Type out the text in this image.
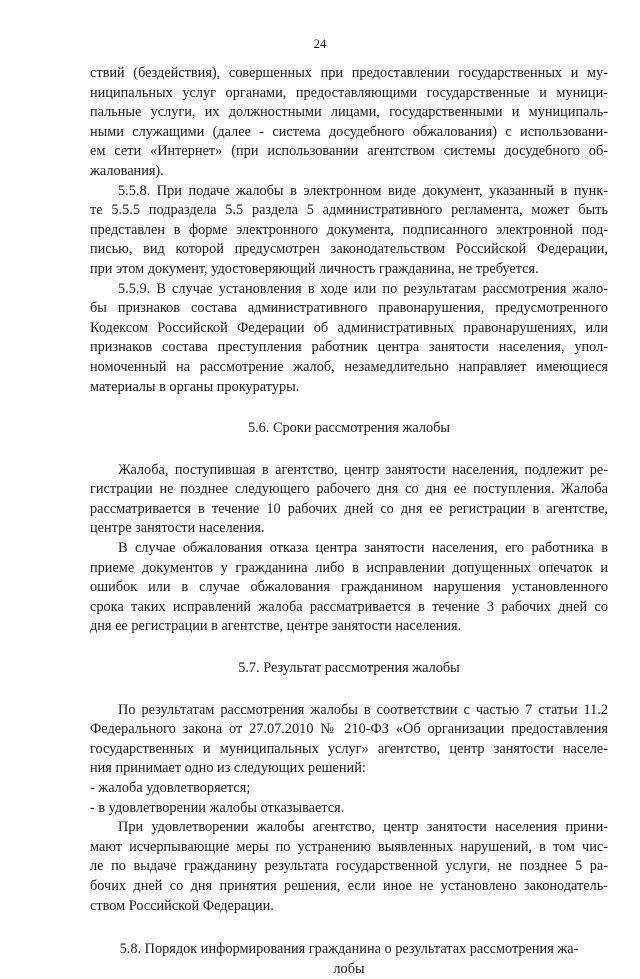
24
ствий (бездействия), совершенных при предоставлении государственных и му-
ниципальных услуг органами, предоставляющими государственные и муници-
пальные услуги, их должностными лицами, государственными и муниципаль-
ными служащими (далее - система досудебного обжалования) с использовани-
ем сети «Интернет» (при использовании агентством системы досудебного об-
жалования).
5.5.8. При подаче жалобы в электронном виде документ, указанный в пунк-
те 5.5.5 подраздела 5.5 раздела 5 административного регламента, может быть
представлен в форме электронного документа, подписанного электронной под-
писью, вид которой предусмотрен законодательством Российской Федерации,
при этом документ, удостоверяющий личность гражданина, не требуется.
5.5.9. В случае установления в ходе или по результатам рассмотрения жало-
бы признаков состава административного правонарушения, предусмотренного
Кодексом Российской Федерации об административных правонарушениях, или
признаков состава преступления работник центра занятости населения, упол-
номоченный на рассмотрение жалоб, незамедлительно направляет имеющиеся
материалы в органы прокуратуры.
5.6. Сроки рассмотрения жалобы
Жалоба, поступившая в агентство, центр занятости населения, подлежит ре-
гистрации не позднее следующего рабочего дня со дня ее поступления. Жалоба
рассматривается в течение 10 рабочих дней со дня ее регистрации в агентстве,
центре занятости населения.
В случае обжалования отказа центра занятости населения, его работника в
приеме документов у гражданина либо в исправлении допущенных опечаток и
ошибок или в случае обжалования гражданином нарушения установленного
срока таких исправлений жалоба рассматривается в течение 3 рабочих дней со
дня ее регистрации в агентстве, центре занятости населения.
5.7. Результат рассмотрения жалобы
По результатам рассмотрения жалобы в соответствии с частью 7 статьи 11.2
Федерального закона от 27.07.2010 № 210-ФЗ «Об организации предоставления
государственных и муниципальных услуг» агентство, центр занятости населе-
ния принимает одно из следующих решений:
- жалоба удовлетворяется;
- в удовлетворении жалобы отказывается.
При удовлетворении жалобы агентство, центр занятости населения прини-
мают исчерпывающие меры по устранению выявленных нарушений, в том чис-
ле по выдаче гражданину результата государственной услуги, не позднее 5 ра-
бочих дней со дня принятия решения, если иное не установлено законодатель-
ством Российской Федерации.
5.8. Порядок информирования гражданина о результатах рассмотрения жа-
лобы
